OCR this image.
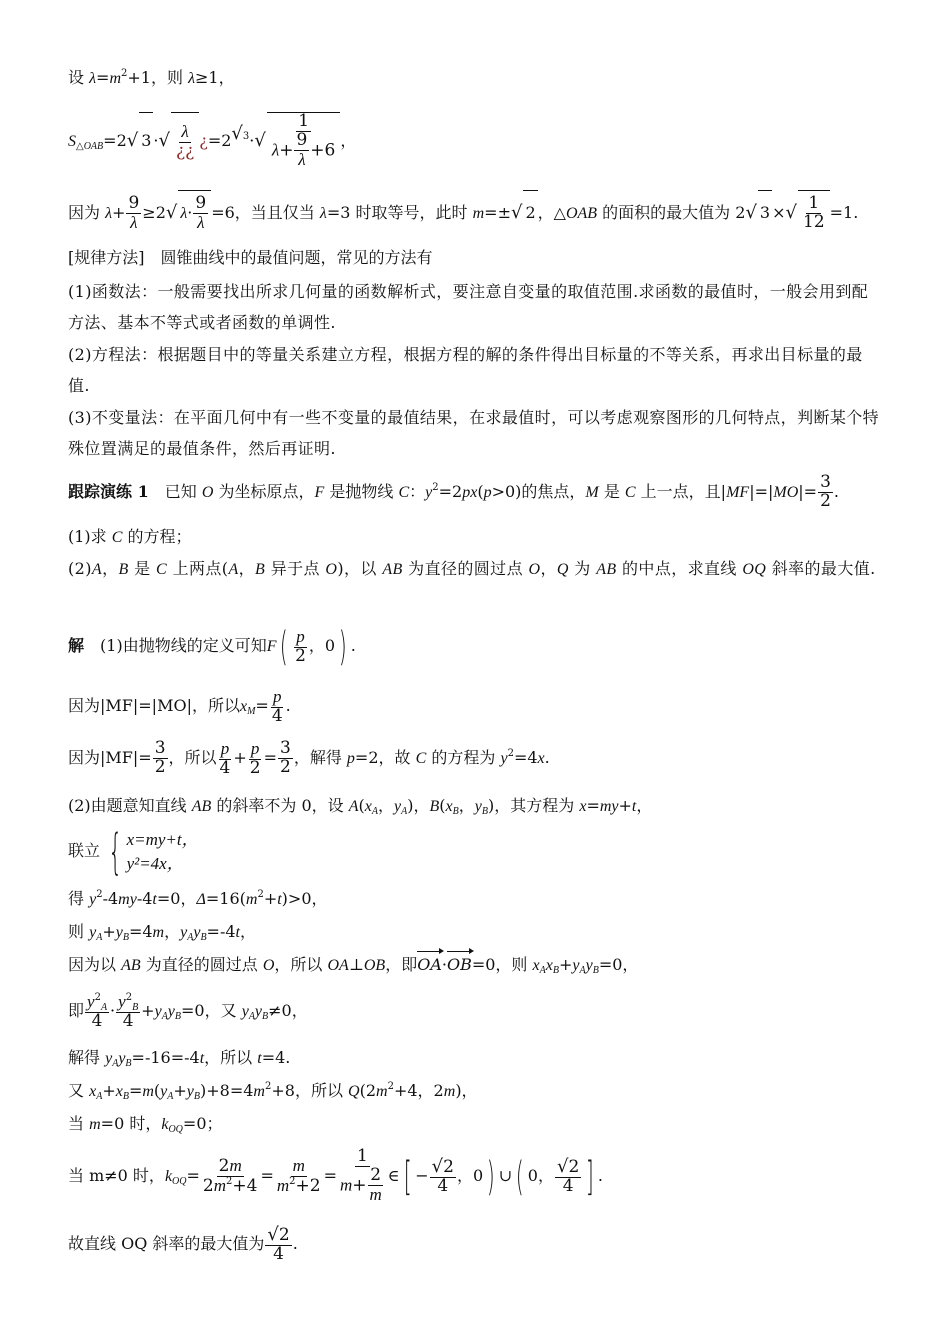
设 $\lambda=m^2+1$，则 λ≥1，
$S_{\triangle OAB}=2√$ 3 ·√ $\frac{\lambda}{¿¿}$ ¿=2√ $^3\cdot√ \frac{1}{\lambda+ \frac{9}{\lambda} +6}$ ，
因为 $\lambda+ \frac{9}{\lambda} \ge 2√$ $\lambda\cdot \frac{9}{\lambda} =6$，当且仅当 λ=3 时取等号，此时 m=±√ 2 ，△OAB 的面积的最大值为 2√ 3 ×√ $\frac{1}{12} =1$.
[规律方法]　圆锥曲线中的最值问题，常见的方法有
(1)函数法：一般需要找出所求几何量的函数解析式，要注意自变量的取值范围.求函数的最值时，一般会用到配方法、基本不等式或者函数的单调性.
(2)方程法：根据题目中的等量关系建立方程，根据方程的解的条件得出目标量的不等关系，再求出目标量的最值.
(3)不变量法：在平面几何中有一些不变量的最值结果，在求最值时，可以考虑观察图形的几何特点，判断某个特殊位置满足的最值条件，然后再证明.
跟踪演练 1　已知 O 为坐标原点，F 是抛物线 C：$y^2=2px(p>0)$的焦点，M 是 C 上一点，且$|MF|=|MO|= \frac{3}{2}$ .
(1)求 C 的方程；
(2)A，B 是 C 上两点(A，B 异于点 O)，以 AB 为直径的圆过点 O，Q 为 AB 的中点，求直线 OQ 斜率的最大值.
解　 (1)由抛物线的定义可知$F( \frac{p}{2}$ ，0) .
因为|MF|=|MO|，所以$x_M= \frac{p}{4}$ .
因为$|MF|= \frac{3}{2}$ ，所以 $\frac{p}{4} + \frac{p}{2} = \frac{3}{2}$ ，解得 p=2，故 C 的方程为 $y^2=4x$.
(2)由题意知直线 AB 的斜率不为 0，设 $A(x_A$，$y_A$)，$B(x_B$，$y_B$)，其方程为 x=my+t，
联立 { x=my+t，
y²=4x，
得 $y^2-4my-4t=0$，$\Delta=16(m^2+t)>0$，
则 $y_A+y_B=4m$，$y_Ay_B=-4t$，
因为以 AB 为直径的圆过点 O，所以 OA⊥OB，即OA·OB=0，则 $x_Ax_B+y_Ay_B=0$，
即 $\frac{y^2_A}{4} \cdot \frac{y^2_B}{4} +y_Ay_B=0$，又 $y_Ay_B\ne 0$，
解得 $y_Ay_B=-16=-4t$，所以 t=4.
又 $x_A+x_B=m(y_A+y_B)+8=4m^2+8$，所以 $Q(2m^2+4$，2m)，
当 m=0 时，$k_{OQ}=0$；
当 m≠0 时，$k_{OQ}= \frac{2m}{2m^2+4} = \frac{m}{m^2+2} = \frac{1}{m+ \frac{2}{m}}$ ∈[ −
√ $\frac{2}{4}$ ，0) ∪( 0，
√ $\frac{2}{4}$ ] .
故直线 OQ 斜率的最大值为
√ $\frac{2}{4}$ .
